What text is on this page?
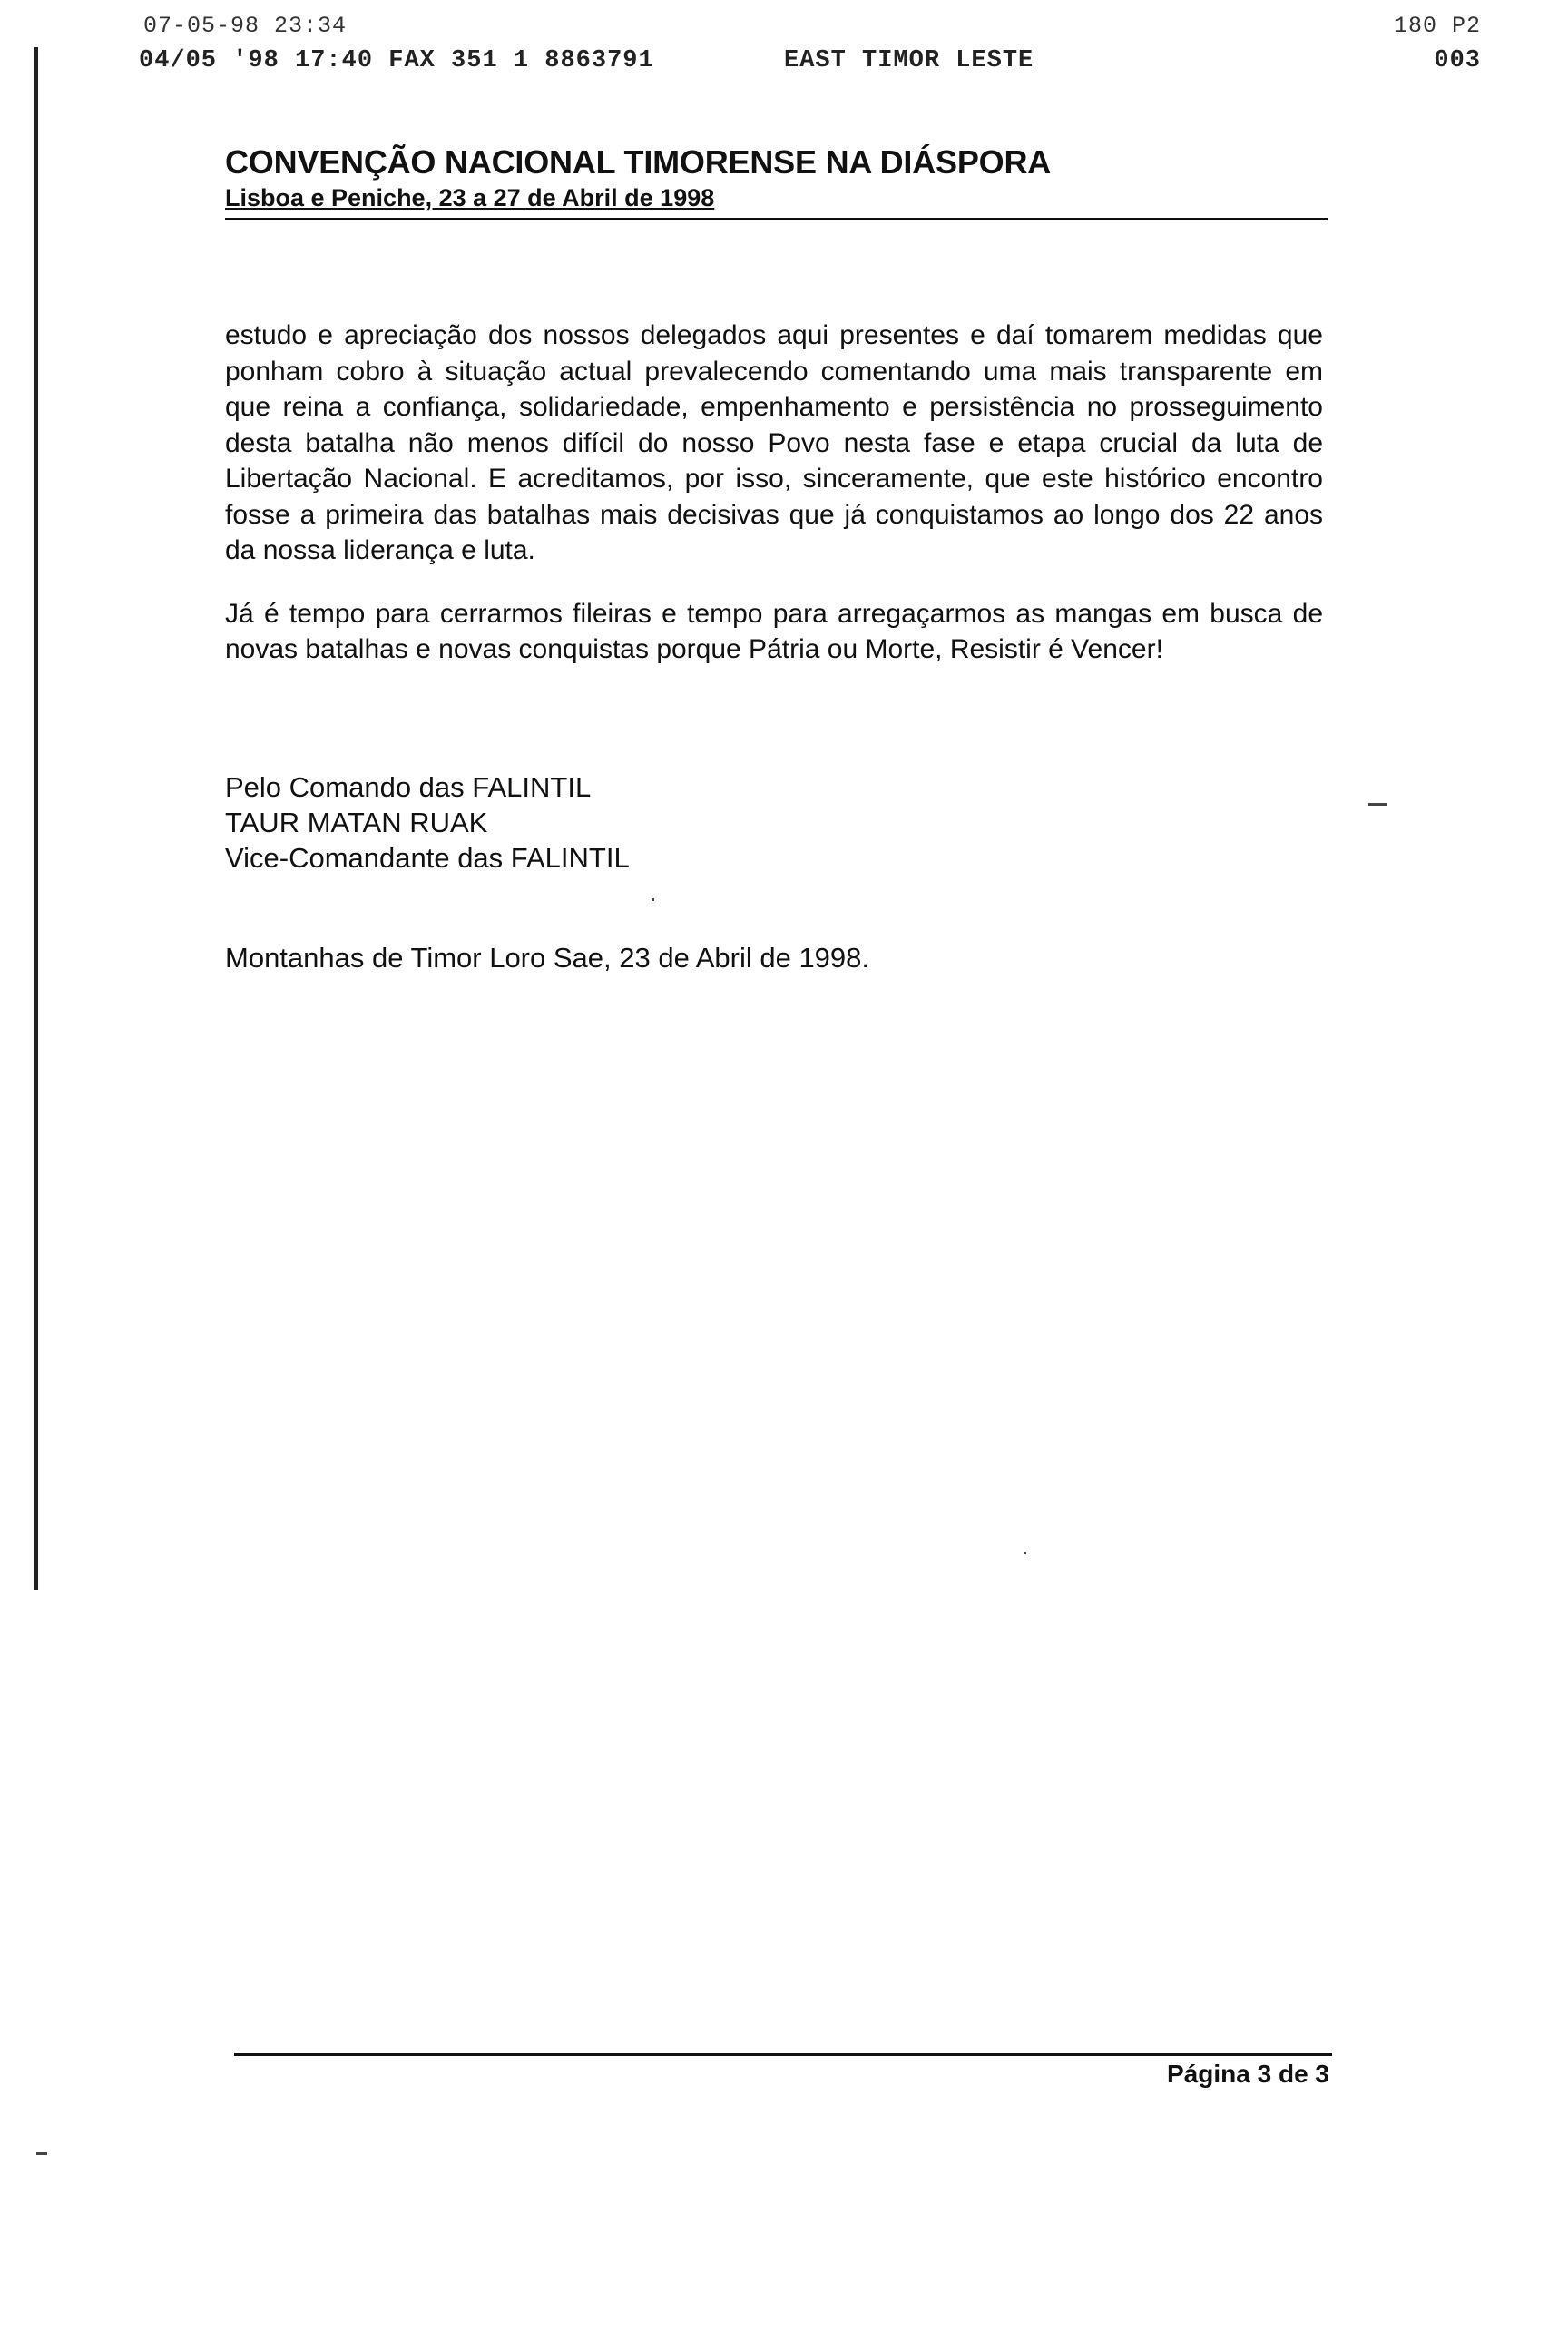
07-05-98 23:34	180 P2
04/05 '98 17:40 FAX 351 1 8863791	EAST TIMOR LESTE	003
CONVENÇÃO NACIONAL TIMORENSE NA DIÁSPORA
Lisboa e Peniche, 23 a 27 de Abril de 1998

estudo e apreciação dos nossos delegados aqui presentes e daí tomarem medidas que ponham cobro à situação actual prevalecendo comentando uma mais transparente em que reina a confiança, solidariedade, empenhamento e persistência no prosseguimento desta batalha não menos difícil do nosso Povo nesta fase e etapa crucial da luta de Libertação Nacional. E acreditamos, por isso, sinceramente, que este histórico encontro fosse a primeira das batalhas mais decisivas que já conquistamos ao longo dos 22 anos da nossa liderança e luta.

Já é tempo para cerrarmos fileiras e tempo para arregaçarmos as mangas em busca de novas batalhas e novas conquistas porque Pátria ou Morte, Resistir é Vencer!

Pelo Comando das FALINTIL
TAUR MATAN RUAK
Vice-Comandante das FALINTIL
Montanhas de Timor Loro Sae, 23 de Abril de 1998.
Página 3 de 3
